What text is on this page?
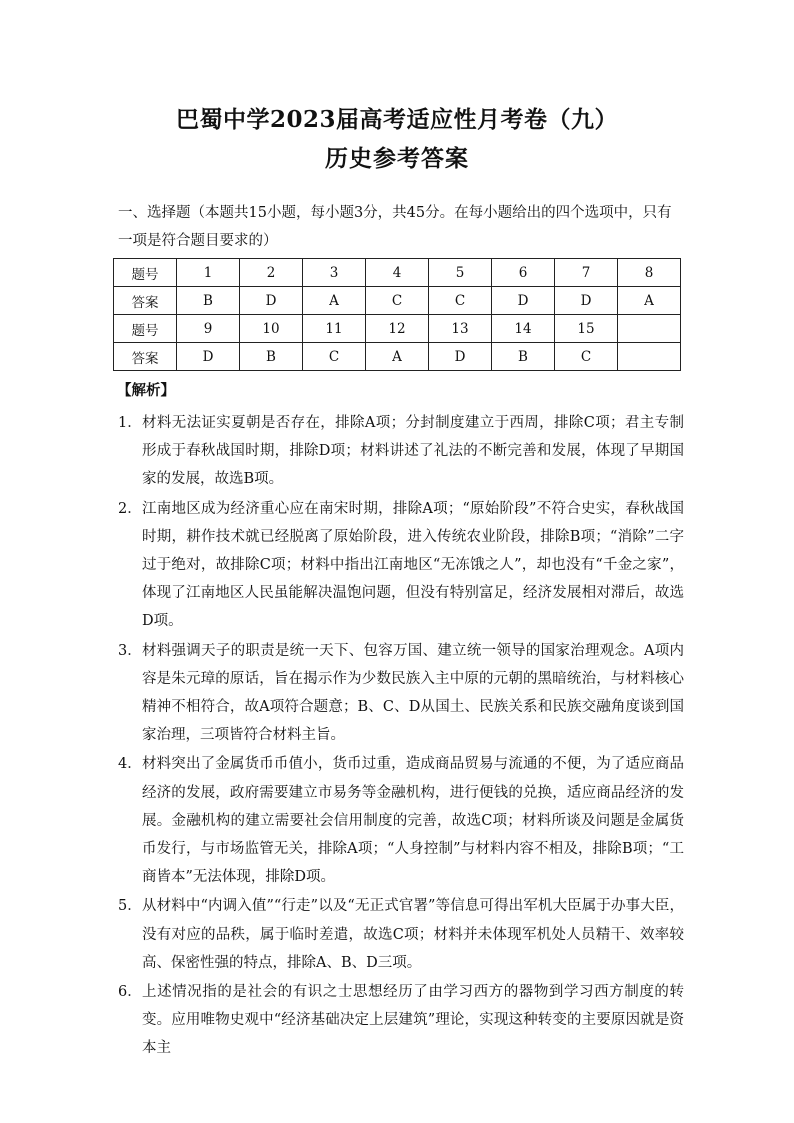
巴蜀中学2023届高考适应性月考卷（九）
历史参考答案

一、选择题（本题共15小题，每小题3分，共45分。在每小题给出的四个选项中，只有一项是符合题目要求的）

题号	1	2	3	4	5	6	7	8
答案	B	D	A	C	C	D	D	A
题号	9	10	11	12	13	14	15	
答案	D	B	C	A	D	B	C	
【解析】
1． 材料无法证实夏朝是否存在，排除A项；分封制度建立于西周，排除C项；君主专制形成于春秋战国时期，排除D项；材料讲述了礼法的不断完善和发展，体现了早期国家的发展，故选B项。
2． 江南地区成为经济重心应在南宋时期，排除A项；“原始阶段”不符合史实，春秋战国时期，耕作技术就已经脱离了原始阶段，进入传统农业阶段，排除B项；“消除”二字过于绝对，故排除C项；材料中指出江南地区“无冻饿之人”，却也没有“千金之家”，体现了江南地区人民虽能解决温饱问题，但没有特别富足，经济发展相对滞后，故选D项。
3． 材料强调天子的职责是统一天下、包容万国、建立统一领导的国家治理观念。A项内容是朱元璋的原话，旨在揭示作为少数民族入主中原的元朝的黑暗统治，与材料核心精神不相符合，故A项符合题意；B、C、D从国土、民族关系和民族交融角度谈到国家治理，三项皆符合材料主旨。
4． 材料突出了金属货币币值小，货币过重，造成商品贸易与流通的不便，为了适应商品经济的发展，政府需要建立市易务等金融机构，进行便钱的兑换，适应商品经济的发展。金融机构的建立需要社会信用制度的完善，故选C项；材料所谈及问题是金属货币发行，与市场监管无关，排除A项；“人身控制”与材料内容不相及，排除B项；“工商皆本”无法体现，排除D项。
5． 从材料中“内调入值”“行走”以及“无正式官署”等信息可得出军机大臣属于办事大臣，没有对应的品秩，属于临时差遣，故选C项；材料并未体现军机处人员精干、效率较高、保密性强的特点，排除A、B、D三项。
6． 上述情况指的是社会的有识之士思想经历了由学习西方的器物到学习西方制度的转变。应用唯物史观中“经济基础决定上层建筑”理论，实现这种转变的主要原因就是资本主
